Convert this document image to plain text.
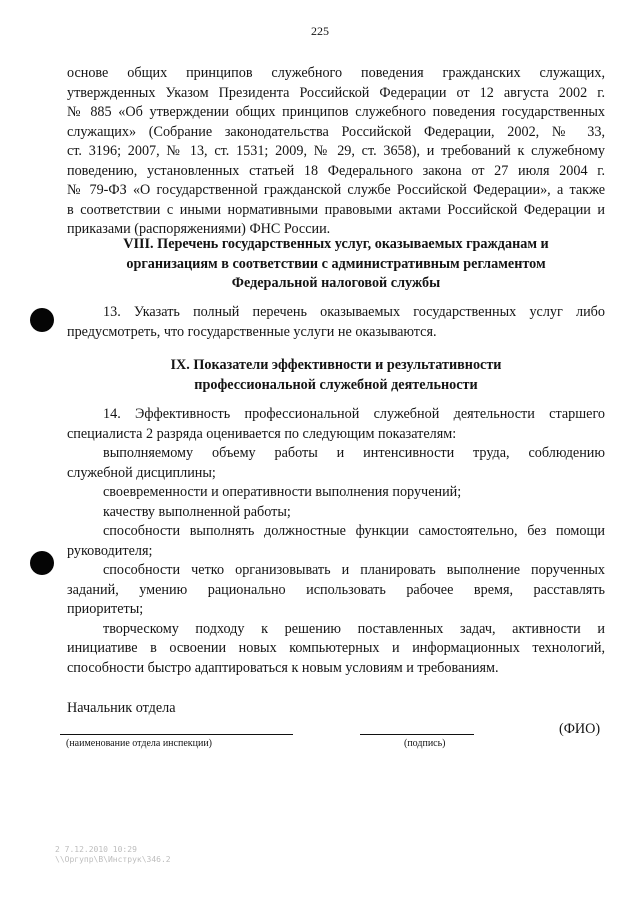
225
основе общих принципов служебного поведения гражданских служащих,
утвержденных Указом Президента Российской Федерации от 12 августа 2002 г.
№ 885 «Об утверждении общих принципов служебного поведения государственных
служащих» (Собрание законодательства Российской Федерации, 2002, № 33,
ст. 3196; 2007, № 13, ст. 1531; 2009, № 29, ст. 3658), и требований к служебному
поведению, установленных статьей 18 Федерального закона от 27 июля 2004 г.
№ 79-ФЗ «О государственной гражданской службе Российской Федерации», а также
в соответствии с иными нормативными правовыми актами Российской Федерации и
приказами (распоряжениями) ФНС России.
VIII. Перечень государственных услуг, оказываемых гражданам и
организациям в соответствии с административным регламентом
Федеральной налоговой службы
13. Указать полный перечень оказываемых государственных услуг либо
предусмотреть, что государственные услуги не оказываются.
IX. Показатели эффективности и результативности
профессиональной служебной деятельности
14. Эффективность профессиональной служебной деятельности старшего
специалиста 2 разряда оценивается по следующим показателям:
выполняемому объему работы и интенсивности труда, соблюдению
служебной дисциплины;
своевременности и оперативности выполнения поручений;
качеству выполненной работы;
способности выполнять должностные функции самостоятельно, без помощи
руководителя;
способности четко организовывать и планировать выполнение порученных
заданий, умению рационально использовать рабочее время, расставлять
приоритеты;
творческому подходу к решению поставленных задач, активности и
инициативе в освоении новых компьютерных и информационных технологий,
способности быстро адаптироваться к новым условиям и требованиям.
Начальник отдела
(наименование отдела инспекции)	(подпись)
(ФИО)
2 7.12.2010 10:29
\\Оргупр\В\Инструк\346.2
